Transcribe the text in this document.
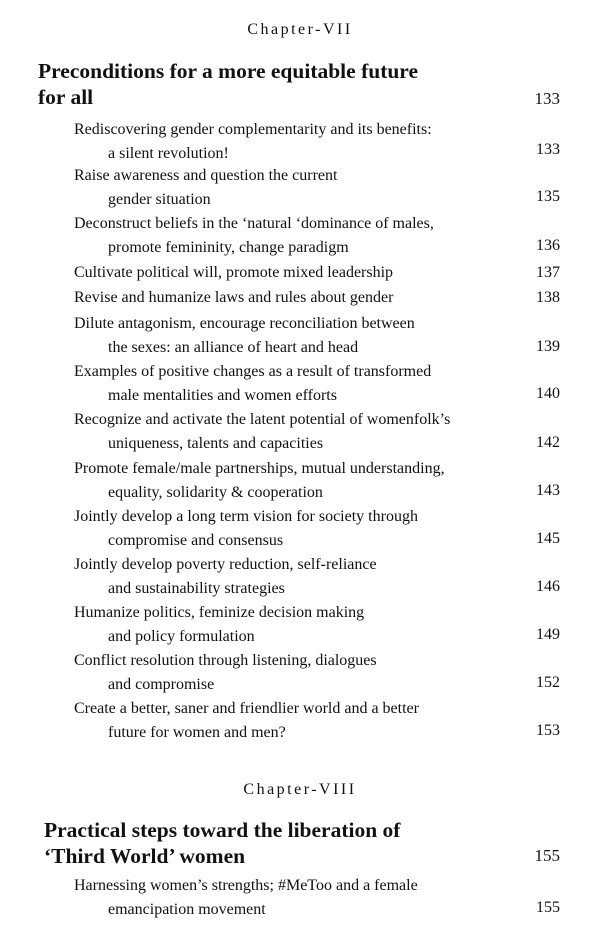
Chapter-VII
Preconditions for a more equitable future
for all	133
Rediscovering gender complementarity and its benefits:
a silent revolution!	133
Raise awareness and question the current
gender situation	135
Deconstruct beliefs in the ‘natural ‘dominance of males,
promote femininity, change paradigm	136
Cultivate political will, promote mixed leadership	137
Revise and humanize laws and rules about gender	138
Dilute antagonism, encourage reconciliation between
the sexes: an alliance of heart and head	139
Examples of positive changes as a result of transformed
male mentalities and women efforts	140
Recognize and activate the latent potential of womenfolk’s
uniqueness, talents and capacities	142
Promote female/male partnerships, mutual understanding,
equality, solidarity & cooperation	143
Jointly develop a long term vision for society through
compromise and consensus	145
Jointly develop poverty reduction, self-reliance
and sustainability strategies	146
Humanize politics, feminize decision making
and policy formulation	149
Conflict resolution through listening, dialogues
and compromise	152
Create a better, saner and friendlier world and a better
future for women and men?	153
Chapter-VIII
Practical steps toward the liberation of
‘Third World’ women	155
Harnessing women’s strengths; #MeToo and a female
emancipation movement	155
